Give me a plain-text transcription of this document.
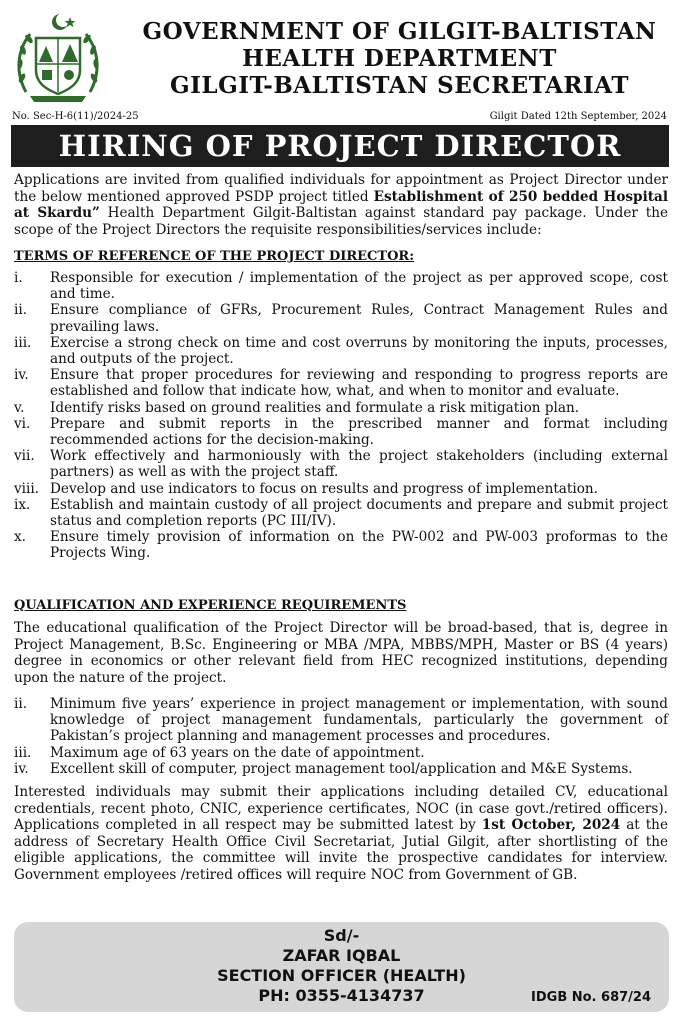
GOVERNMENT OF GILGIT-BALTISTAN
HEALTH DEPARTMENT
GILGIT-BALTISTAN SECRETARIAT
No. Sec-H-6(11)/2024-25	Gilgit Dated 12th September, 2024
HIRING OF PROJECT DIRECTOR
Applications are invited from qualified individuals for appointment as Project Director under the below mentioned approved PSDP project titled Establishment of 250 bedded Hospital at Skardu” Health Department Gilgit-Baltistan against standard pay package. Under the scope of the Project Directors the requisite responsibilities/services include:
TERMS OF REFERENCE OF THE PROJECT DIRECTOR:
i.	Responsible for execution / implementation of the project as per approved scope, cost and time.
ii.	Ensure compliance of GFRs, Procurement Rules, Contract Management Rules and prevailing laws.
iii.	Exercise a strong check on time and cost overruns by monitoring the inputs, processes, and outputs of the project.
iv.	Ensure that proper procedures for reviewing and responding to progress reports are established and follow that indicate how, what, and when to monitor and evaluate.
v.	Identify risks based on ground realities and formulate a risk mitigation plan.
vi.	Prepare and submit reports in the prescribed manner and format including recommended actions for the decision-making.
vii.	Work effectively and harmoniously with the project stakeholders (including external partners) as well as with the project staff.
viii. Develop and use indicators to focus on results and progress of implementation.
ix.	Establish and maintain custody of all project documents and prepare and submit project status and completion reports (PC III/IV).
x.	Ensure timely provision of information on the PW-002 and PW-003 proformas to the Projects Wing.
QUALIFICATION AND EXPERIENCE REQUIREMENTS
The educational qualification of the Project Director will be broad-based, that is, degree in Project Management, B.Sc. Engineering or MBA /MPA, MBBS/MPH, Master or BS (4 years) degree in economics or other relevant field from HEC recognized institutions, depending upon the nature of the project.
ii.	Minimum five years’ experience in project management or implementation, with sound knowledge of project management fundamentals, particularly the government of Pakistan’s project planning and management processes and procedures.
iii.	Maximum age of 63 years on the date of appointment.
iv.	Excellent skill of computer, project management tool/application and M&E Systems.
Interested individuals may submit their applications including detailed CV, educational credentials, recent photo, CNIC, experience certificates, NOC (in case govt./retired officers). Applications completed in all respect may be submitted latest by 1st October, 2024 at the address of Secretary Health Office Civil Secretariat, Jutial Gilgit, after shortlisting of the eligible applications, the committee will invite the prospective candidates for interview. Government employees /retired offices will require NOC from Government of GB.
Sd/-
ZAFAR IQBAL
SECTION OFFICER (HEALTH)
PH: 0355-4134737	IDGB No. 687/24
